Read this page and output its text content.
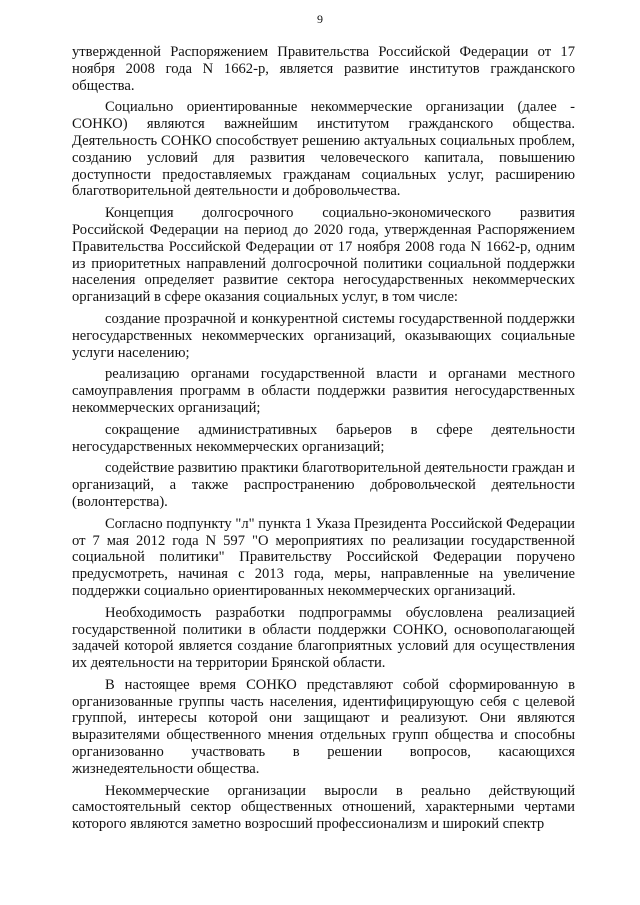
9

утвержденной Распоряжением Правительства Российской Федерации от 17 ноября 2008 года N 1662-р, является развитие институтов гражданского общества.

Социально ориентированные некоммерческие организации (далее - СОНКО) являются важнейшим институтом гражданского общества. Деятельность СОНКО способствует решению актуальных социальных проблем, созданию условий для развития человеческого капитала, повышению доступности предоставляемых гражданам социальных услуг, расширению благотворительной деятельности и добровольчества.

Концепция долгосрочного социально-экономического развития Российской Федерации на период до 2020 года, утвержденная Распоряжением Правительства Российской Федерации от 17 ноября 2008 года N 1662-р, одним из приоритетных направлений долгосрочной политики социальной поддержки населения определяет развитие сектора негосударственных некоммерческих организаций в сфере оказания социальных услуг, в том числе:

создание прозрачной и конкурентной системы государственной поддержки негосударственных некоммерческих организаций, оказывающих социальные услуги населению;

реализацию органами государственной власти и органами местного самоуправления программ в области поддержки развития негосударственных некоммерческих организаций;

сокращение административных барьеров в сфере деятельности негосударственных некоммерческих организаций;

содействие развитию практики благотворительной деятельности граждан и организаций, а также распространению добровольческой деятельности (волонтерства).

Согласно подпункту "л" пункта 1 Указа Президента Российской Федерации от 7 мая 2012 года N 597 "О мероприятиях по реализации государственной социальной политики" Правительству Российской Федерации поручено предусмотреть, начиная с 2013 года, меры, направленные на увеличение поддержки социально ориентированных некоммерческих организаций.

Необходимость разработки подпрограммы обусловлена реализацией государственной политики в области поддержки СОНКО, основополагающей задачей которой является создание благоприятных условий для осуществления их деятельности на территории Брянской области.

В настоящее время СОНКО представляют собой сформированную в организованные группы часть населения, идентифицирующую себя с целевой группой, интересы которой они защищают и реализуют. Они являются выразителями общественного мнения отдельных групп общества и способны организованно участвовать в решении вопросов, касающихся жизнедеятельности общества.

Некоммерческие организации выросли в реально действующий самостоятельный сектор общественных отношений, характерными чертами которого являются заметно возросший профессионализм и широкий спектр
